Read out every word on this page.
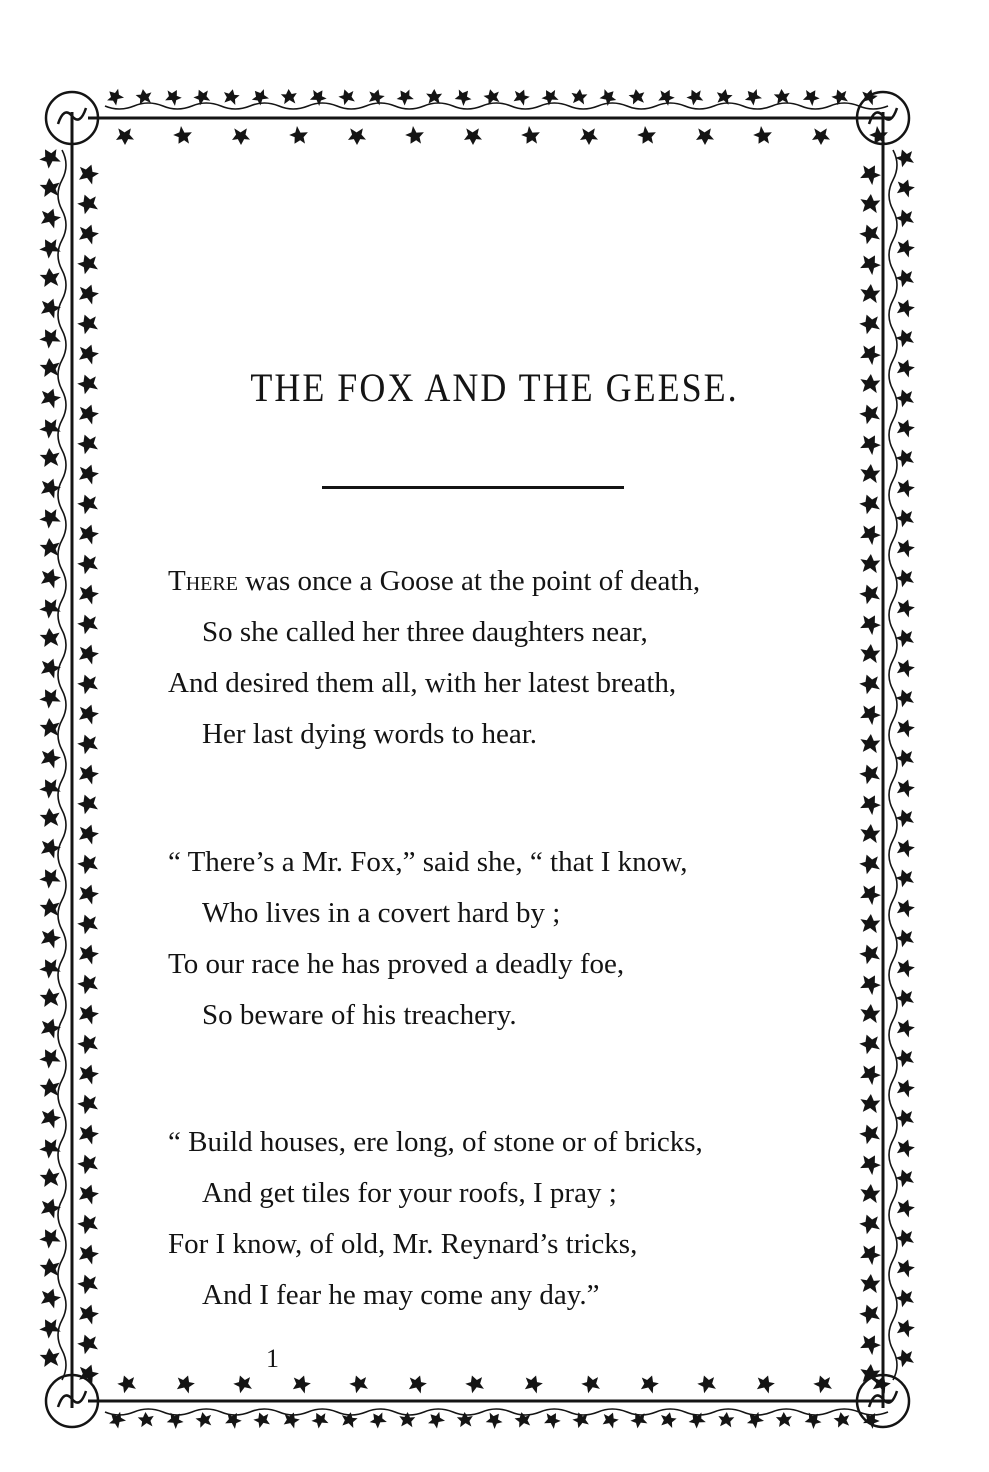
THE FOX AND THE GEESE.
There was once a Goose at the point of death,
So she called her three daughters near,
And desired them all, with her latest breath,
Her last dying words to hear.
“ There’s a Mr. Fox,” said she, “ that I know,
Who lives in a covert hard by ;
To our race he has proved a deadly foe,
So beware of his treachery.
“ Build houses, ere long, of stone or of bricks,
And get tiles for your roofs, I pray ;
For I know, of old, Mr. Reynard’s tricks,
And I fear he may come any day.”
1
